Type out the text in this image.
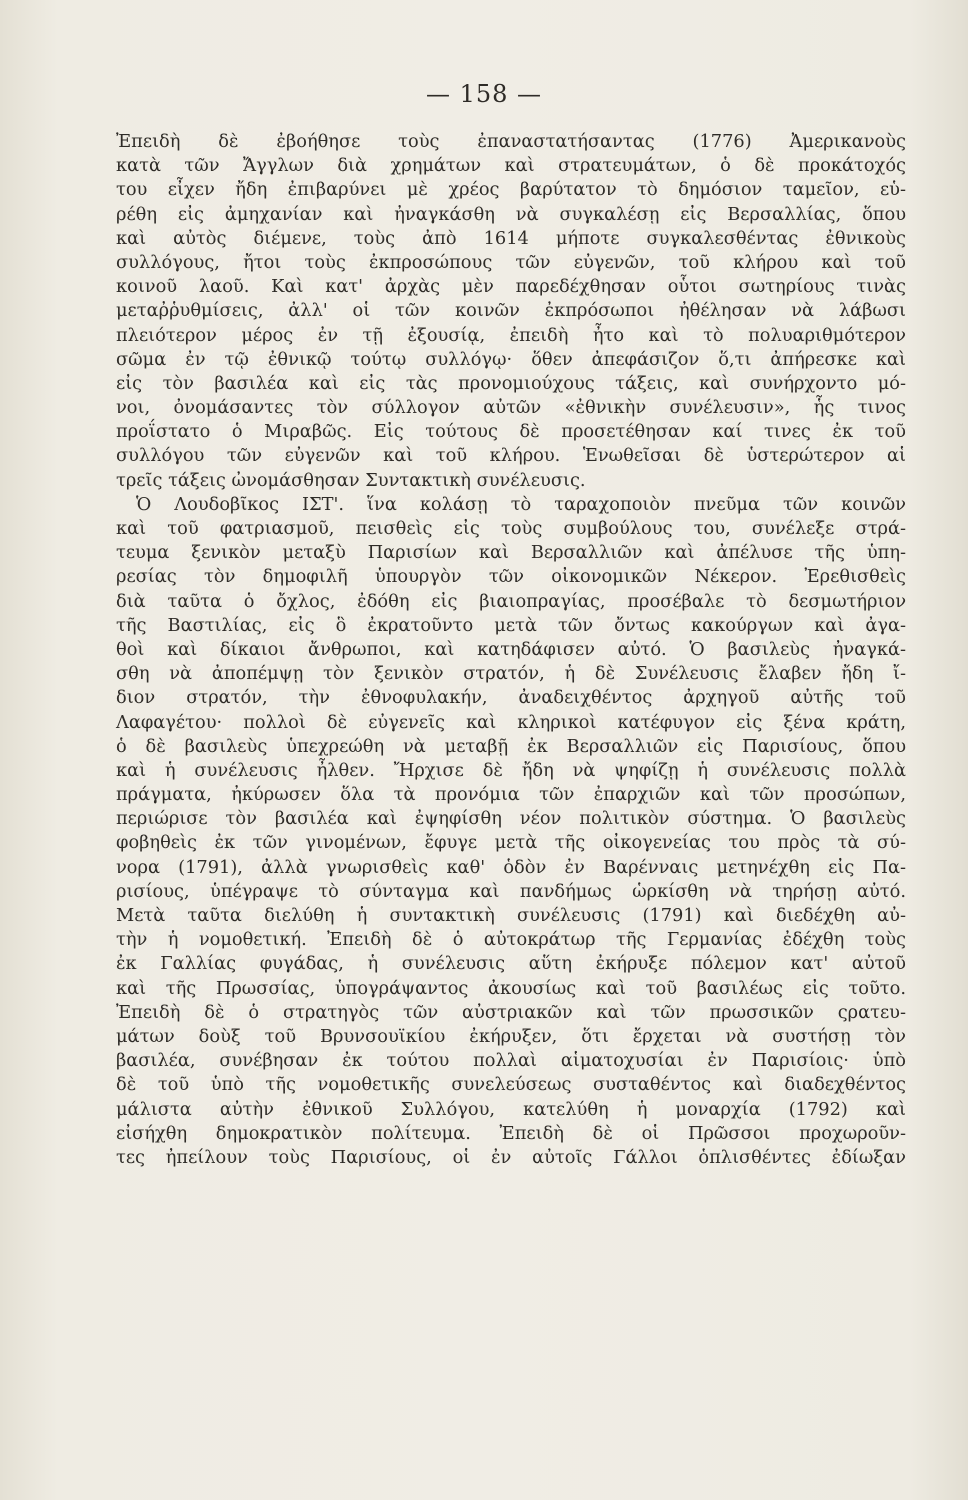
— 158 —
Ἐπειδὴ δὲ ἐβοήθησε τοὺς ἐπαναστατήσαντας (1776) Ἀμερικανοὺς
κατὰ τῶν Ἄγγλων διὰ χρημάτων καὶ στρατευμάτων, ὁ δὲ προκάτοχός
του εἶχεν ἤδη ἐπιβαρύνει μὲ χρέος βαρύτατον τὸ δημόσιον ταμεῖον, εὑ-
ρέθη εἰς ἀμηχανίαν καὶ ἠναγκάσθη νὰ συγκαλέσῃ εἰς Βερσαλλίας, ὅπου
καὶ αὐτὸς διέμενε, τοὺς ἀπὸ 1614 μήποτε συγκαλεσθέντας ἐθνικοὺς
συλλόγους, ἤτοι τοὺς ἐκπροσώπους τῶν εὐγενῶν, τοῦ κλήρου καὶ τοῦ
κοινοῦ λαοῦ. Καὶ κατ' ἀρχὰς μὲν παρεδέχθησαν οὗτοι σωτηρίους τινὰς
μεταῤῥυθμίσεις, ἀλλ' οἱ τῶν κοινῶν ἐκπρόσωποι ἠθέλησαν νὰ λάβωσι
πλειότερον μέρος ἐν τῇ ἐξουσίᾳ, ἐπειδὴ ἦτο καὶ τὸ πολυαριθμότερον
σῶμα ἐν τῷ ἐθνικῷ τούτῳ συλλόγῳ· ὅθεν ἀπεφάσιζον ὅ,τι ἀπήρεσκε καὶ
εἰς τὸν βασιλέα καὶ εἰς τὰς προνομιούχους τάξεις, καὶ συνήρχοντο μό-
νοι, ὀνομάσαντες τὸν σύλλογον αὐτῶν «ἐθνικὴν συνέλευσιν», ἧς τινος
προΐστατο ὁ Μιραβῶς. Εἰς τούτους δὲ προσετέθησαν καί τινες ἐκ τοῦ
συλλόγου τῶν εὐγενῶν καὶ τοῦ κλήρου. Ἑνωθεῖσαι δὲ ὑστερώτερον αἱ
τρεῖς τάξεις ὠνομάσθησαν Συντακτικὴ συνέλευσις.
Ὁ Λουδοβῖκος ΙΣΤ'. ἵνα κολάσῃ τὸ ταραχοποιὸν πνεῦμα τῶν κοινῶν
καὶ τοῦ φατριασμοῦ, πεισθεὶς εἰς τοὺς συμβούλους του, συνέλεξε στρά-
τευμα ξενικὸν μεταξὺ Παρισίων καὶ Βερσαλλιῶν καὶ ἀπέλυσε τῆς ὑπη-
ρεσίας τὸν δημοφιλῆ ὑπουργὸν τῶν οἰκονομικῶν Νέκερον. Ἐρεθισθεὶς
διὰ ταῦτα ὁ ὄχλος, ἐδόθη εἰς βιαιοπραγίας, προσέβαλε τὸ δεσμωτήριον
τῆς Βαστιλίας, εἰς ὃ ἐκρατοῦντο μετὰ τῶν ὄντως κακούργων καὶ ἀγα-
θοὶ καὶ δίκαιοι ἄνθρωποι, καὶ κατηδάφισεν αὐτό. Ὁ βασιλεὺς ἠναγκά-
σθη νὰ ἀποπέμψῃ τὸν ξενικὸν στρατόν, ἡ δὲ Συνέλευσις ἔλαβεν ἤδη ἴ-
διον στρατόν, τὴν ἐθνοφυλακήν, ἀναδειχθέντος ἀρχηγοῦ αὐτῆς τοῦ
Λαφαγέτου· πολλοὶ δὲ εὐγενεῖς καὶ κληρικοὶ κατέφυγον εἰς ξένα κράτη,
ὁ δὲ βασιλεὺς ὑπεχρεώθη νὰ μεταβῇ ἐκ Βερσαλλιῶν εἰς Παρισίους, ὅπου
καὶ ἡ συνέλευσις ἦλθεν. Ἤρχισε δὲ ἤδη νὰ ψηφίζῃ ἡ συνέλευσις πολλὰ
πράγματα, ἠκύρωσεν ὅλα τὰ προνόμια τῶν ἐπαρχιῶν καὶ τῶν προσώπων,
περιώρισε τὸν βασιλέα καὶ ἐψηφίσθη νέον πολιτικὸν σύστημα. Ὁ βασιλεὺς
φοβηθεὶς ἐκ τῶν γινομένων, ἔφυγε μετὰ τῆς οἰκογενείας του πρὸς τὰ σύ-
νορα (1791), ἀλλὰ γνωρισθεὶς καθ' ὁδὸν ἐν Βαρένναις μετηνέχθη εἰς Πα-
ρισίους, ὑπέγραψε τὸ σύνταγμα καὶ πανδήμως ὡρκίσθη νὰ τηρήσῃ αὐτό.
Μετὰ ταῦτα διελύθη ἡ συντακτικὴ συνέλευσις (1791) καὶ διεδέχθη αὐ-
τὴν ἡ νομοθετική. Ἐπειδὴ δὲ ὁ αὐτοκράτωρ τῆς Γερμανίας ἐδέχθη τοὺς
ἐκ Γαλλίας φυγάδας, ἡ συνέλευσις αὕτη ἐκήρυξε πόλεμον κατ' αὐτοῦ
καὶ τῆς Πρωσσίας, ὑπογράψαντος ἀκουσίως καὶ τοῦ βασιλέως εἰς τοῦτο.
Ἐπειδὴ δὲ ὁ στρατηγὸς τῶν αὐστριακῶν καὶ τῶν πρωσσικῶν ςρατευ-
μάτων δοὺξ τοῦ Βρυνσουϊκίου ἐκήρυξεν, ὅτι ἔρχεται νὰ συστήσῃ τὸν
βασιλέα, συνέβησαν ἐκ τούτου πολλαὶ αἱματοχυσίαι ἐν Παρισίοις· ὑπὸ
δὲ τοῦ ὑπὸ τῆς νομοθετικῆς συνελεύσεως συσταθέντος καὶ διαδεχθέντος
μάλιστα αὐτὴν ἐθνικοῦ Συλλόγου, κατελύθη ἡ μοναρχία (1792) καὶ
εἰσήχθη δημοκρατικὸν πολίτευμα. Ἐπειδὴ δὲ οἱ Πρῶσσοι προχωροῦν-
τες ἠπείλουν τοὺς Παρισίους, οἱ ἐν αὐτοῖς Γάλλοι ὁπλισθέντες ἐδίωξαν
